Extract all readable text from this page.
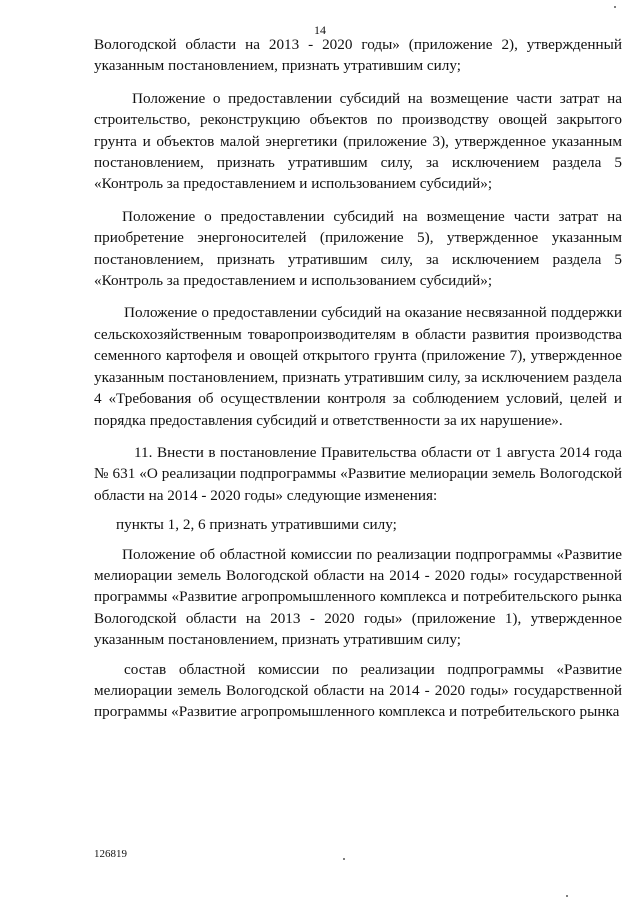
14

Вологодской области на 2013 - 2020 годы» (приложение 2), утвержденный указанным постановлением, признать утратившим силу;

Положение о предоставлении субсидий на возмещение части затрат на строительство, реконструкцию объектов по производству овощей закрытого грунта и объектов малой энергетики (приложение 3), утвержденное указанным постановлением, признать утратившим силу, за исключением раздела 5 «Контроль за предоставлением и использованием субсидий»;

Положение о предоставлении субсидий на возмещение части затрат на приобретение энергоносителей (приложение 5), утвержденное указанным постановлением, признать утратившим силу, за исключением раздела 5 «Контроль за предоставлением и использованием субсидий»;

Положение о предоставлении субсидий на оказание несвязанной поддержки сельскохозяйственным товаропроизводителям в области развития производства семенного картофеля и овощей открытого грунта (приложение 7), утвержденное указанным постановлением, признать утратившим силу, за исключением раздела 4 «Требования об осуществлении контроля за соблюдением условий, целей и порядка предоставления субсидий и ответственности за их нарушение».

11. Внести в постановление Правительства области от 1 августа 2014 года № 631 «О реализации подпрограммы «Развитие мелиорации земель Вологодской области на 2014 - 2020 годы» следующие изменения:

пункты 1, 2, 6 признать утратившими силу;

Положение об областной комиссии по реализации подпрограммы «Развитие мелиорации земель Вологодской области на 2014 - 2020 годы» государственной программы «Развитие агропромышленного комплекса и потребительского рынка Вологодской области на 2013 - 2020 годы» (приложение 1), утвержденное указанным постановлением, признать утратившим силу;

состав областной комиссии по реализации подпрограммы «Развитие мелиорации земель Вологодской области на 2014 - 2020 годы» государственной программы «Развитие агропромышленного комплекса и потребительского рынка

126819
